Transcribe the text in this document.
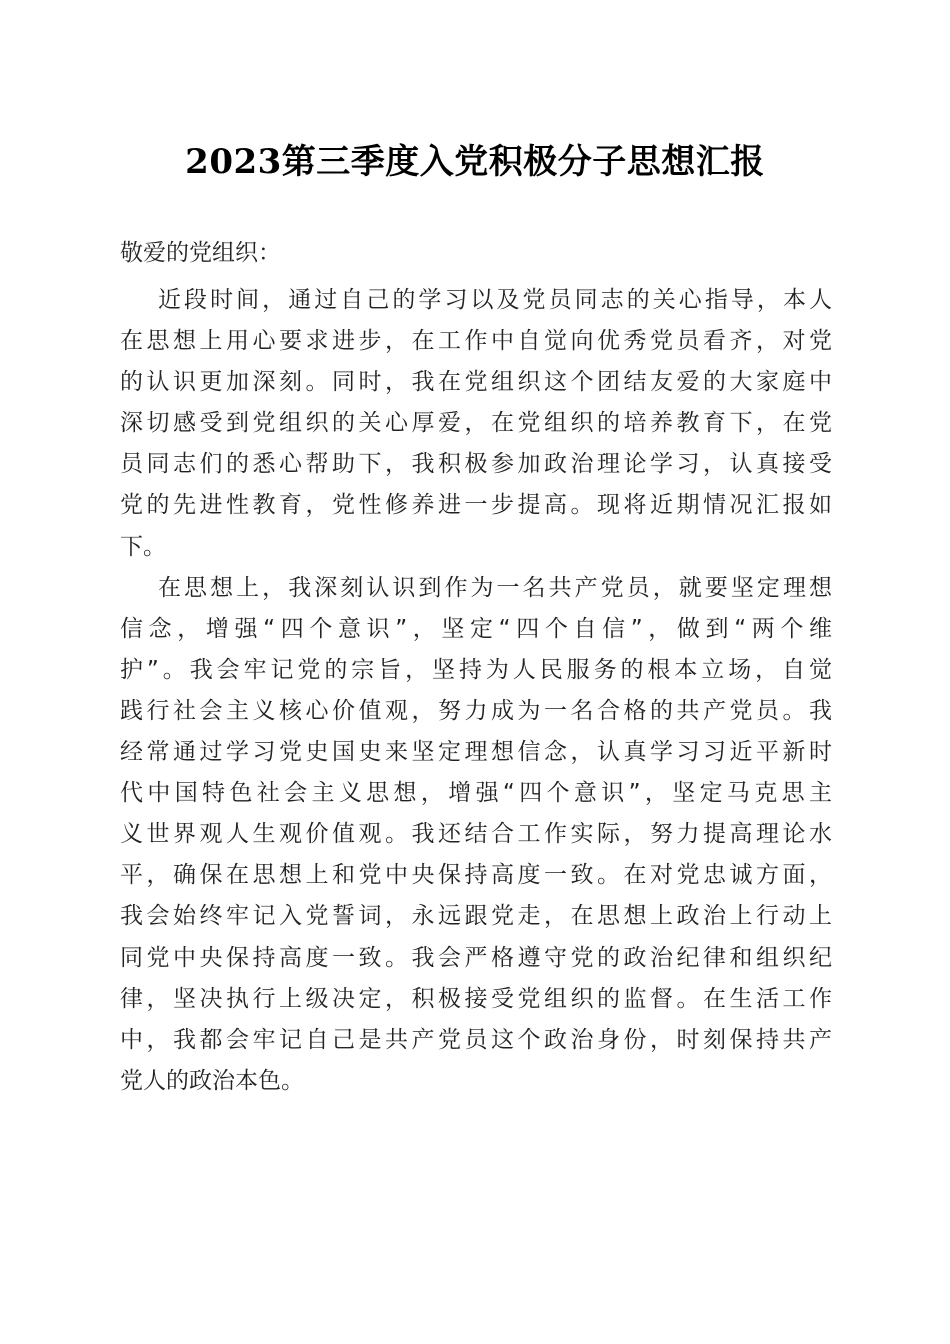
2023第三季度入党积极分子思想汇报
敬爱的党组织：
近段时间，通过自己的学习以及党员同志的关心指导，本人
在思想上用心要求进步，在工作中自觉向优秀党员看齐，对党
的认识更加深刻。同时，我在党组织这个团结友爱的大家庭中
深切感受到党组织的关心厚爱，在党组织的培养教育下，在党
员同志们的悉心帮助下，我积极参加政治理论学习，认真接受
党的先进性教育，党性修养进一步提高。现将近期情况汇报如
下。
在思想上，我深刻认识到作为一名共产党员，就要坚定理想
信念，增强“四个意识”，坚定“四个自信”，做到“两个维
护”。我会牢记党的宗旨，坚持为人民服务的根本立场，自觉
践行社会主义核心价值观，努力成为一名合格的共产党员。我
经常通过学习党史国史来坚定理想信念，认真学习习近平新时
代中国特色社会主义思想，增强“四个意识”，坚定马克思主
义世界观人生观价值观。我还结合工作实际，努力提高理论水
平，确保在思想上和党中央保持高度一致。在对党忠诚方面，
我会始终牢记入党誓词，永远跟党走，在思想上政治上行动上
同党中央保持高度一致。我会严格遵守党的政治纪律和组织纪
律，坚决执行上级决定，积极接受党组织的监督。在生活工作
中，我都会牢记自己是共产党员这个政治身份，时刻保持共产
党人的政治本色。
